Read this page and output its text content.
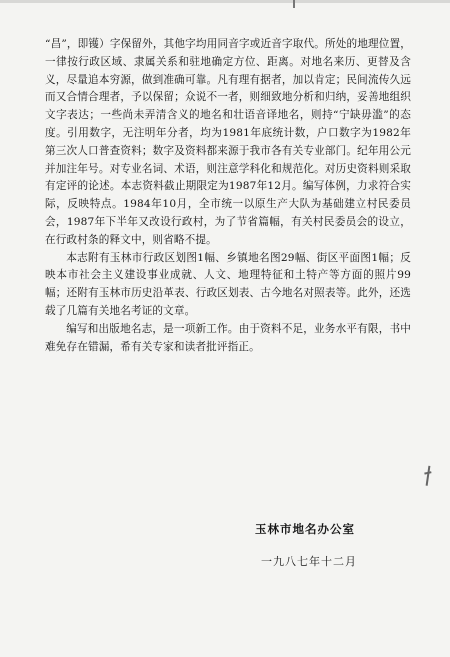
“昌”，即镬）字保留外，其他字均用同音字或近音字取代。所处的地理位置，一律按行政区域、隶属关系和驻地确定方位、距离。对地名来历、更替及含义，尽量追本穷源，做到准确可靠。凡有理有据者，加以肯定；民间流传久远而又合情合理者，予以保留；众说不一者，则细致地分析和归纳，妥善地组织文字表达；一些尚未弄清含义的地名和壮语音译地名，则持“宁缺毋滥”的态度。引用数字，无注明年分者，均为1981年底统计数，户口数字为1982年第三次人口普查资料；数字及资料都来源于我市各有关专业部门。纪年用公元并加注年号。对专业名词、术语，则注意学科化和规范化。对历史资料则采取有定评的论述。本志资料截止期限定为1987年12月。编写体例，力求符合实际，反映特点。1984年10月，全市统一以原生产大队为基础建立村民委员会，1987年下半年又改设行政村，为了节省篇幅，有关村民委员会的设立，在行政村条的释文中，则省略不提。

本志附有玉林市行政区划图1幅、乡镇地名图29幅、街区平面图1幅；反映本市社会主义建设事业成就、人文、地理特征和土特产等方面的照片99幅；还附有玉林市历史沿革表、行政区划表、古今地名对照表等。此外，还选载了几篇有关地名考证的文章。

编写和出版地名志，是一项新工作。由于资料不足，业务水平有限，书中难免存在错漏，希有关专家和读者批评指正。

玉林市地名办公室

一九八七年十二月
